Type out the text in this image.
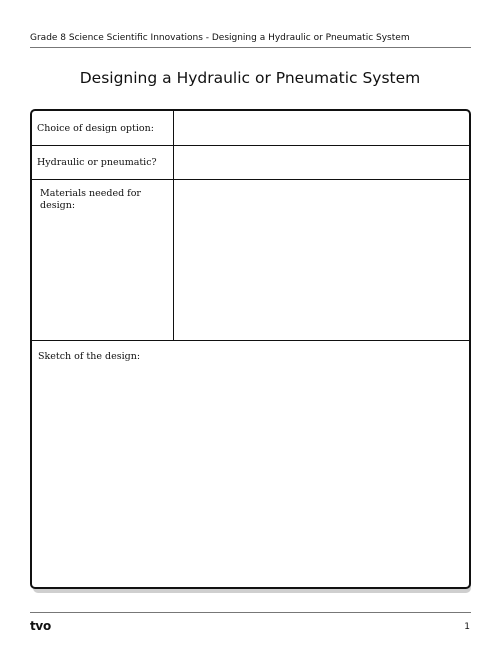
Grade 8 Science Scientific Innovations - Designing a Hydraulic or Pneumatic System
Designing a Hydraulic or Pneumatic System
Choice of design option:
Hydraulic or pneumatic?
Materials needed for
design:
Sketch of the design:
tvo	1
